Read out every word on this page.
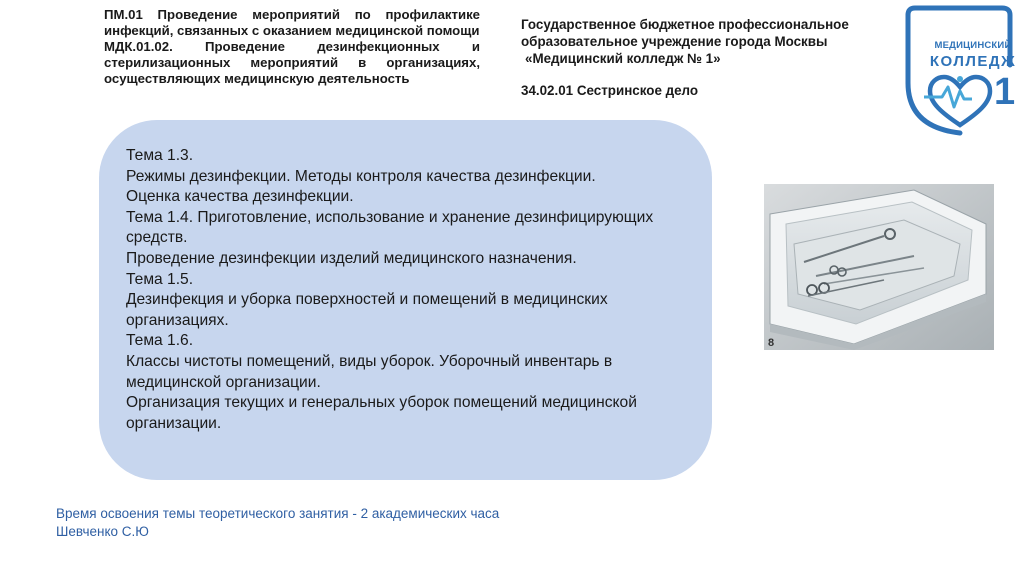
ПМ.01 Проведение мероприятий по профилактике инфекций, связанных с оказанием медицинской помощи

МДК.01.02. Проведение дезинфекционных и стерилизационных мероприятий в организациях, осуществляющих медицинскую деятельность

Государственное бюджетное профессиональное

образовательное учреждение города Москвы

«Медицинский колледж № 1»

34.02.01 Сестринское дело

МЕДИЦИНСКИЙ
КОЛЛЕДЖ
1
Тема 1.3.
Режимы дезинфекции. Методы контроля качества дезинфекции.
Оценка качества дезинфекции.
Тема 1.4. Приготовление, использование и хранение дезинфицирующих средств.
Проведение дезинфекции изделий медицинского назначения.
Тема 1.5.
Дезинфекция и уборка поверхностей и помещений в медицинских организациях.
Тема 1.6.
Классы чистоты помещений, виды уборок. Уборочный инвентарь в медицинской организации.
Организация текущих и генеральных уборок помещений медицинской организации.
8
Время освоения темы теоретического занятия - 2 академических часа
Шевченко С.Ю
